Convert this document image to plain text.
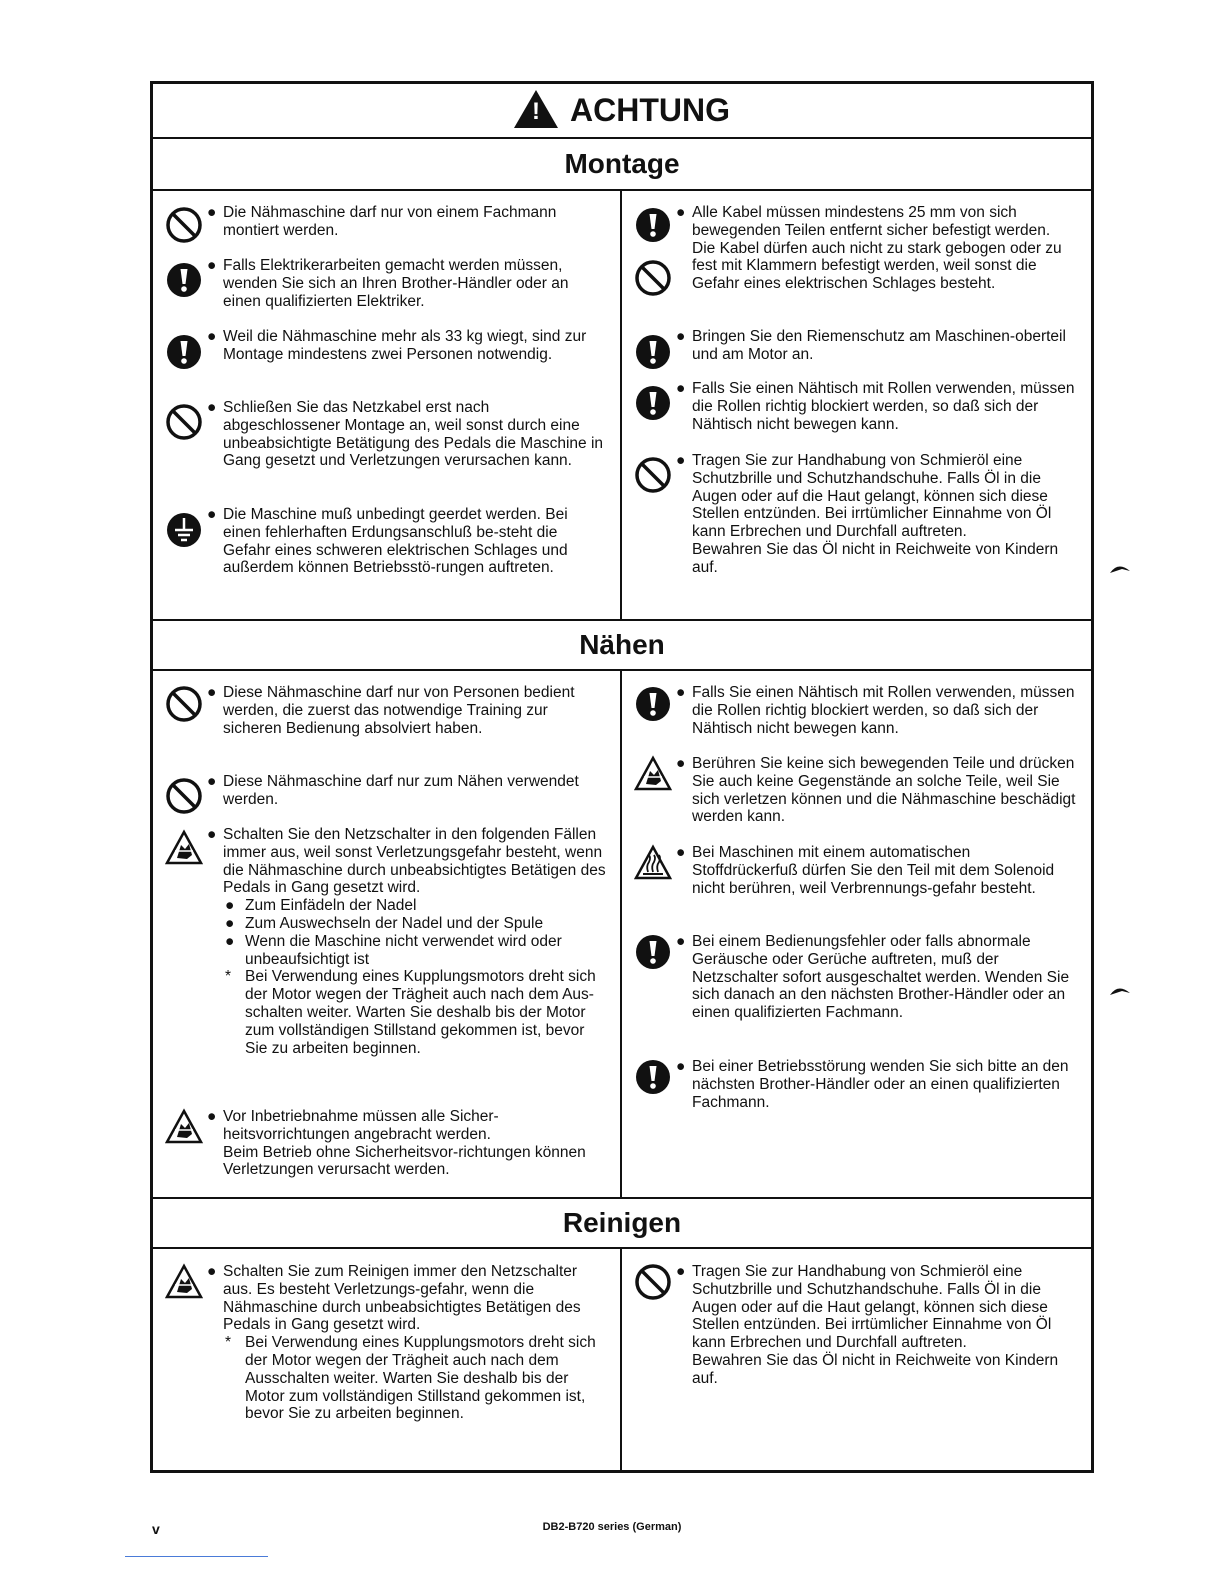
!
ACHTUNG
Montage
● Die Nähmaschine darf nur von einem Fachmann montiert werden.
● Falls Elektrikerarbeiten gemacht werden müssen, wenden Sie sich an Ihren Brother-Händler oder an einen qualifizierten Elektriker.
● Weil die Nähmaschine mehr als 33 kg wiegt, sind zur Montage mindestens zwei Personen notwendig.
● Schließen Sie das Netzkabel erst nach abgeschlossener Montage an, weil sonst durch eine unbeabsichtigte Betätigung des Pedals die Maschine in Gang gesetzt und Verletzungen verursachen kann.
● Die Maschine muß unbedingt geerdet werden. Bei einen fehlerhaften Erdungsanschluß be-steht die Gefahr eines schweren elektrischen Schlages und außerdem können Betriebsstö-rungen auftreten.
● Alle Kabel müssen mindestens 25 mm von sich bewegenden Teilen entfernt sicher befestigt werden. Die Kabel dürfen auch nicht zu stark gebogen oder zu fest mit Klammern befestigt werden, weil sonst die Gefahr eines elektrischen Schlages besteht.
● Bringen Sie den Riemenschutz am Maschinen-oberteil und am Motor an.
● Falls Sie einen Nähtisch mit Rollen verwenden, müssen die Rollen richtig blockiert werden, so daß sich der Nähtisch nicht bewegen kann.
● Tragen Sie zur Handhabung von Schmieröl eine Schutzbrille und Schutzhandschuhe. Falls Öl in die Augen oder auf die Haut gelangt, können sich diese Stellen entzünden. Bei irrtümlicher Einnahme von Öl kann Erbrechen und Durchfall auftreten.
Bewahren Sie das Öl nicht in Reichweite von Kindern auf.
Nähen
● Diese Nähmaschine darf nur von Personen bedient werden, die zuerst das notwendige Training zur sicheren Bedienung absolviert haben.
● Diese Nähmaschine darf nur zum Nähen verwendet werden.
● Schalten Sie den Netzschalter in den folgenden Fällen immer aus, weil sonst Verletzungsgefahr besteht, wenn die Nähmaschine durch unbeabsichtigtes Betätigen des Pedals in Gang gesetzt wird.
● Zum Einfädeln der Nadel
● Zum Auswechseln der Nadel und der Spule
● Wenn die Maschine nicht verwendet wird oder unbeaufsichtigt ist
* Bei Verwendung eines Kupplungsmotors dreht sich der Motor wegen der Trägheit auch nach dem Aus-schalten weiter. Warten Sie deshalb bis der Motor zum vollständigen Stillstand gekommen ist, bevor Sie zu arbeiten beginnen.
● Vor Inbetriebnahme müssen alle Sicher-heitsvorrichtungen angebracht werden.
Beim Betrieb ohne Sicherheitsvor-richtungen können Verletzungen verursacht werden.
● Falls Sie einen Nähtisch mit Rollen verwenden, müssen die Rollen richtig blockiert werden, so daß sich der Nähtisch nicht bewegen kann.
● Berühren Sie keine sich bewegenden Teile und drücken Sie auch keine Gegenstände an solche Teile, weil Sie sich verletzen können und die Nähmaschine beschädigt werden kann.
● Bei Maschinen mit einem automatischen Stoffdrückerfuß dürfen Sie den Teil mit dem Solenoid nicht berühren, weil Verbrennungs-gefahr besteht.
● Bei einem Bedienungsfehler oder falls abnormale Geräusche oder Gerüche auftreten, muß der Netzschalter sofort ausgeschaltet werden. Wenden Sie sich danach an den nächsten Brother-Händler oder an einen qualifizierten Fachmann.
● Bei einer Betriebsstörung wenden Sie sich bitte an den nächsten Brother-Händler oder an einen qualifizierten Fachmann.
Reinigen
● Schalten Sie zum Reinigen immer den Netzschalter aus. Es besteht Verletzungs-gefahr, wenn die Nähmaschine durch unbeabsichtigtes Betätigen des Pedals in Gang gesetzt wird.
* Bei Verwendung eines Kupplungsmotors dreht sich der Motor wegen der Trägheit auch nach dem Ausschalten weiter. Warten Sie deshalb bis der Motor zum vollständigen Stillstand gekommen ist, bevor Sie zu arbeiten beginnen.
● Tragen Sie zur Handhabung von Schmieröl eine Schutzbrille und Schutzhandschuhe. Falls Öl in die Augen oder auf die Haut gelangt, können sich diese Stellen entzünden. Bei irrtümlicher Einnahme von Öl kann Erbrechen und Durchfall auftreten.
Bewahren Sie das Öl nicht in Reichweite von Kindern auf.
v	DB2-B720 series (German)
